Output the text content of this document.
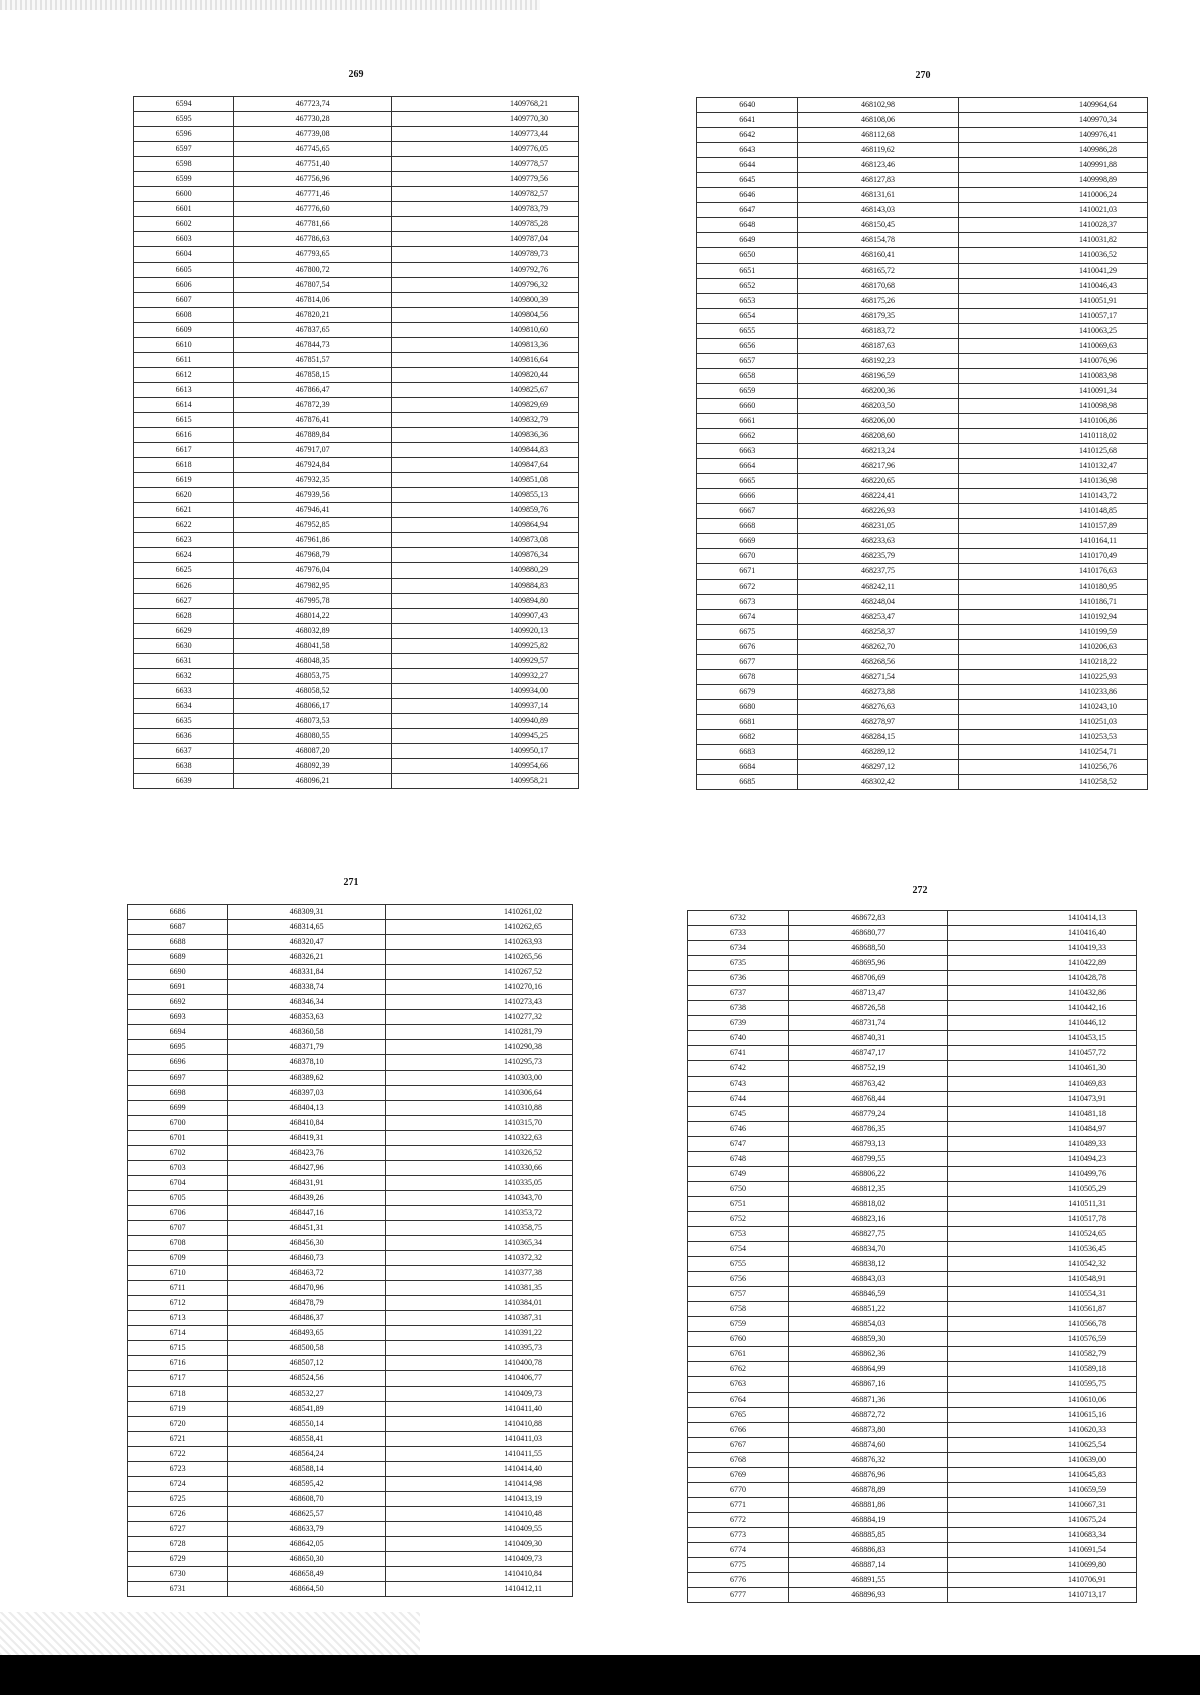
269
6594	467723,74	1409768,21
6595	467730,28	1409770,30
6596	467739,08	1409773,44
6597	467745,65	1409776,05
6598	467751,40	1409778,57
6599	467756,96	1409779,56
6600	467771,46	1409782,57
6601	467776,60	1409783,79
6602	467781,66	1409785,28
6603	467786,63	1409787,04
6604	467793,65	1409789,73
6605	467800,72	1409792,76
6606	467807,54	1409796,32
6607	467814,06	1409800,39
6608	467820,21	1409804,56
6609	467837,65	1409810,60
6610	467844,73	1409813,36
6611	467851,57	1409816,64
6612	467858,15	1409820,44
6613	467866,47	1409825,67
6614	467872,39	1409829,69
6615	467876,41	1409832,79
6616	467889,84	1409836,36
6617	467917,07	1409844,83
6618	467924,84	1409847,64
6619	467932,35	1409851,08
6620	467939,56	1409855,13
6621	467946,41	1409859,76
6622	467952,85	1409864,94
6623	467961,86	1409873,08
6624	467968,79	1409876,34
6625	467976,04	1409880,29
6626	467982,95	1409884,83
6627	467995,78	1409894,80
6628	468014,22	1409907,43
6629	468032,89	1409920,13
6630	468041,58	1409925,82
6631	468048,35	1409929,57
6632	468053,75	1409932,27
6633	468058,52	1409934,00
6634	468066,17	1409937,14
6635	468073,53	1409940,89
6636	468080,55	1409945,25
6637	468087,20	1409950,17
6638	468092,39	1409954,66
6639	468096,21	1409958,21
270
6640	468102,98	1409964,64
6641	468108,06	1409970,34
6642	468112,68	1409976,41
6643	468119,62	1409986,28
6644	468123,46	1409991,88
6645	468127,83	1409998,89
6646	468131,61	1410006,24
6647	468143,03	1410021,03
6648	468150,45	1410028,37
6649	468154,78	1410031,82
6650	468160,41	1410036,52
6651	468165,72	1410041,29
6652	468170,68	1410046,43
6653	468175,26	1410051,91
6654	468179,35	1410057,17
6655	468183,72	1410063,25
6656	468187,63	1410069,63
6657	468192,23	1410076,96
6658	468196,59	1410083,98
6659	468200,36	1410091,34
6660	468203,50	1410098,98
6661	468206,00	1410106,86
6662	468208,60	1410118,02
6663	468213,24	1410125,68
6664	468217,96	1410132,47
6665	468220,65	1410136,98
6666	468224,41	1410143,72
6667	468226,93	1410148,85
6668	468231,05	1410157,89
6669	468233,63	1410164,11
6670	468235,79	1410170,49
6671	468237,75	1410176,63
6672	468242,11	1410180,95
6673	468248,04	1410186,71
6674	468253,47	1410192,94
6675	468258,37	1410199,59
6676	468262,70	1410206,63
6677	468268,56	1410218,22
6678	468271,54	1410225,93
6679	468273,88	1410233,86
6680	468276,63	1410243,10
6681	468278,97	1410251,03
6682	468284,15	1410253,53
6683	468289,12	1410254,71
6684	468297,12	1410256,76
6685	468302,42	1410258,52
271
6686	468309,31	1410261,02
6687	468314,65	1410262,65
6688	468320,47	1410263,93
6689	468326,21	1410265,56
6690	468331,84	1410267,52
6691	468338,74	1410270,16
6692	468346,34	1410273,43
6693	468353,63	1410277,32
6694	468360,58	1410281,79
6695	468371,79	1410290,38
6696	468378,10	1410295,73
6697	468389,62	1410303,00
6698	468397,03	1410306,64
6699	468404,13	1410310,88
6700	468410,84	1410315,70
6701	468419,31	1410322,63
6702	468423,76	1410326,52
6703	468427,96	1410330,66
6704	468431,91	1410335,05
6705	468439,26	1410343,70
6706	468447,16	1410353,72
6707	468451,31	1410358,75
6708	468456,30	1410365,34
6709	468460,73	1410372,32
6710	468463,72	1410377,38
6711	468470,96	1410381,35
6712	468478,79	1410384,01
6713	468486,37	1410387,31
6714	468493,65	1410391,22
6715	468500,58	1410395,73
6716	468507,12	1410400,78
6717	468524,56	1410406,77
6718	468532,27	1410409,73
6719	468541,89	1410411,40
6720	468550,14	1410410,88
6721	468558,41	1410411,03
6722	468564,24	1410411,55
6723	468588,14	1410414,40
6724	468595,42	1410414,98
6725	468608,70	1410413,19
6726	468625,57	1410410,48
6727	468633,79	1410409,55
6728	468642,05	1410409,30
6729	468650,30	1410409,73
6730	468658,49	1410410,84
6731	468664,50	1410412,11
272
6732	468672,83	1410414,13
6733	468680,77	1410416,40
6734	468688,50	1410419,33
6735	468695,96	1410422,89
6736	468706,69	1410428,78
6737	468713,47	1410432,86
6738	468726,58	1410442,16
6739	468731,74	1410446,12
6740	468740,31	1410453,15
6741	468747,17	1410457,72
6742	468752,19	1410461,30
6743	468763,42	1410469,83
6744	468768,44	1410473,91
6745	468779,24	1410481,18
6746	468786,35	1410484,97
6747	468793,13	1410489,33
6748	468799,55	1410494,23
6749	468806,22	1410499,76
6750	468812,35	1410505,29
6751	468818,02	1410511,31
6752	468823,16	1410517,78
6753	468827,75	1410524,65
6754	468834,70	1410536,45
6755	468838,12	1410542,32
6756	468843,03	1410548,91
6757	468846,59	1410554,31
6758	468851,22	1410561,87
6759	468854,03	1410566,78
6760	468859,30	1410576,59
6761	468862,36	1410582,79
6762	468864,99	1410589,18
6763	468867,16	1410595,75
6764	468871,36	1410610,06
6765	468872,72	1410615,16
6766	468873,80	1410620,33
6767	468874,60	1410625,54
6768	468876,32	1410639,00
6769	468876,96	1410645,83
6770	468878,89	1410659,59
6771	468881,86	1410667,31
6772	468884,19	1410675,24
6773	468885,85	1410683,34
6774	468886,83	1410691,54
6775	468887,14	1410699,80
6776	468891,55	1410706,91
6777	468896,93	1410713,17
